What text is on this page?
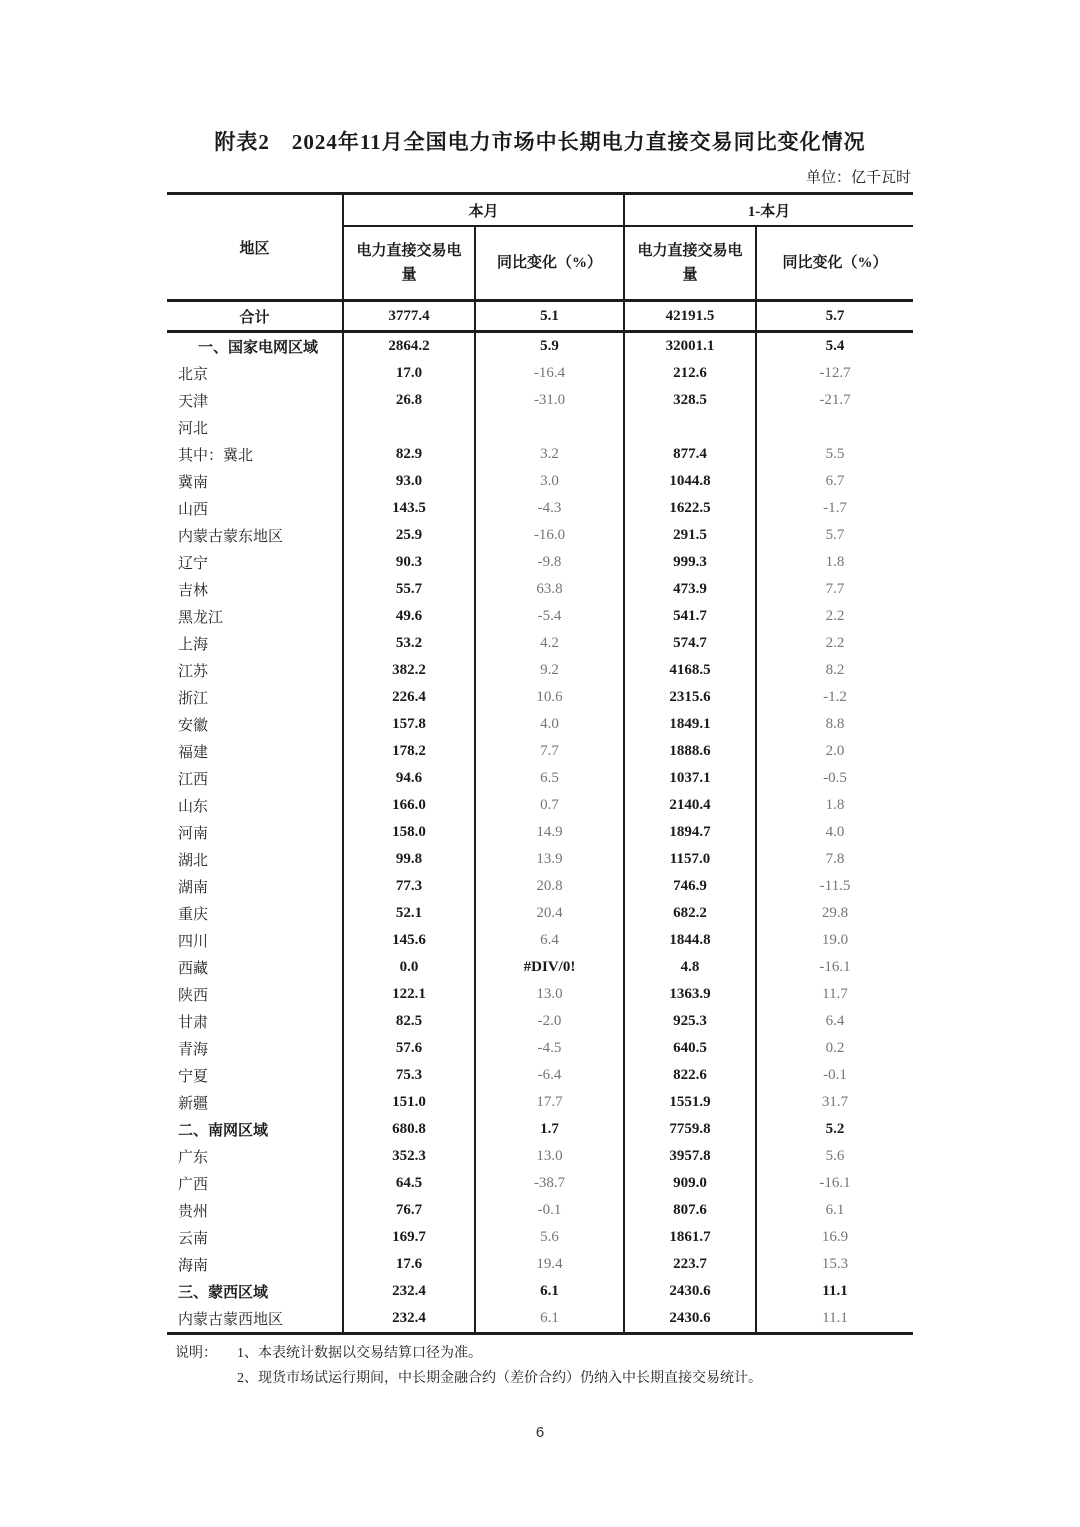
附表2　2024年11月全国电力市场中长期电力直接交易同比变化情况
单位：亿千瓦时
地区	本月		1-本月	
	电力直接交易电量	同比变化（%）	电力直接交易电量	同比变化（%）
合计	3777.4	5.1	42191.5	5.7
一、国家电网区域	2864.2	5.9	32001.1	5.4
北京	17.0	-16.4	212.6	-12.7
天津	26.8	-31.0	328.5	-21.7
河北				
其中：冀北	82.9	3.2	877.4	5.5
冀南	93.0	3.0	1044.8	6.7
山西	143.5	-4.3	1622.5	-1.7
内蒙古蒙东地区	25.9	-16.0	291.5	5.7
辽宁	90.3	-9.8	999.3	1.8
吉林	55.7	63.8	473.9	7.7
黑龙江	49.6	-5.4	541.7	2.2
上海	53.2	4.2	574.7	2.2
江苏	382.2	9.2	4168.5	8.2
浙江	226.4	10.6	2315.6	-1.2
安徽	157.8	4.0	1849.1	8.8
福建	178.2	7.7	1888.6	2.0
江西	94.6	6.5	1037.1	-0.5
山东	166.0	0.7	2140.4	1.8
河南	158.0	14.9	1894.7	4.0
湖北	99.8	13.9	1157.0	7.8
湖南	77.3	20.8	746.9	-11.5
重庆	52.1	20.4	682.2	29.8
四川	145.6	6.4	1844.8	19.0
西藏	0.0	#DIV/0!	4.8	-16.1
陕西	122.1	13.0	1363.9	11.7
甘肃	82.5	-2.0	925.3	6.4
青海	57.6	-4.5	640.5	0.2
宁夏	75.3	-6.4	822.6	-0.1
新疆	151.0	17.7	1551.9	31.7
二、南网区域	680.8	1.7	7759.8	5.2
广东	352.3	13.0	3957.8	5.6
广西	64.5	-38.7	909.0	-16.1
贵州	76.7	-0.1	807.6	6.1
云南	169.7	5.6	1861.7	16.9
海南	17.6	19.4	223.7	15.3
三、蒙西区域	232.4	6.1	2430.6	11.1
内蒙古蒙西地区	232.4	6.1	2430.6	11.1
说明：	1、本表统计数据以交易结算口径为准。
2、现货市场试运行期间，中长期金融合约（差价合约）仍纳入中长期直接交易统计。
6
